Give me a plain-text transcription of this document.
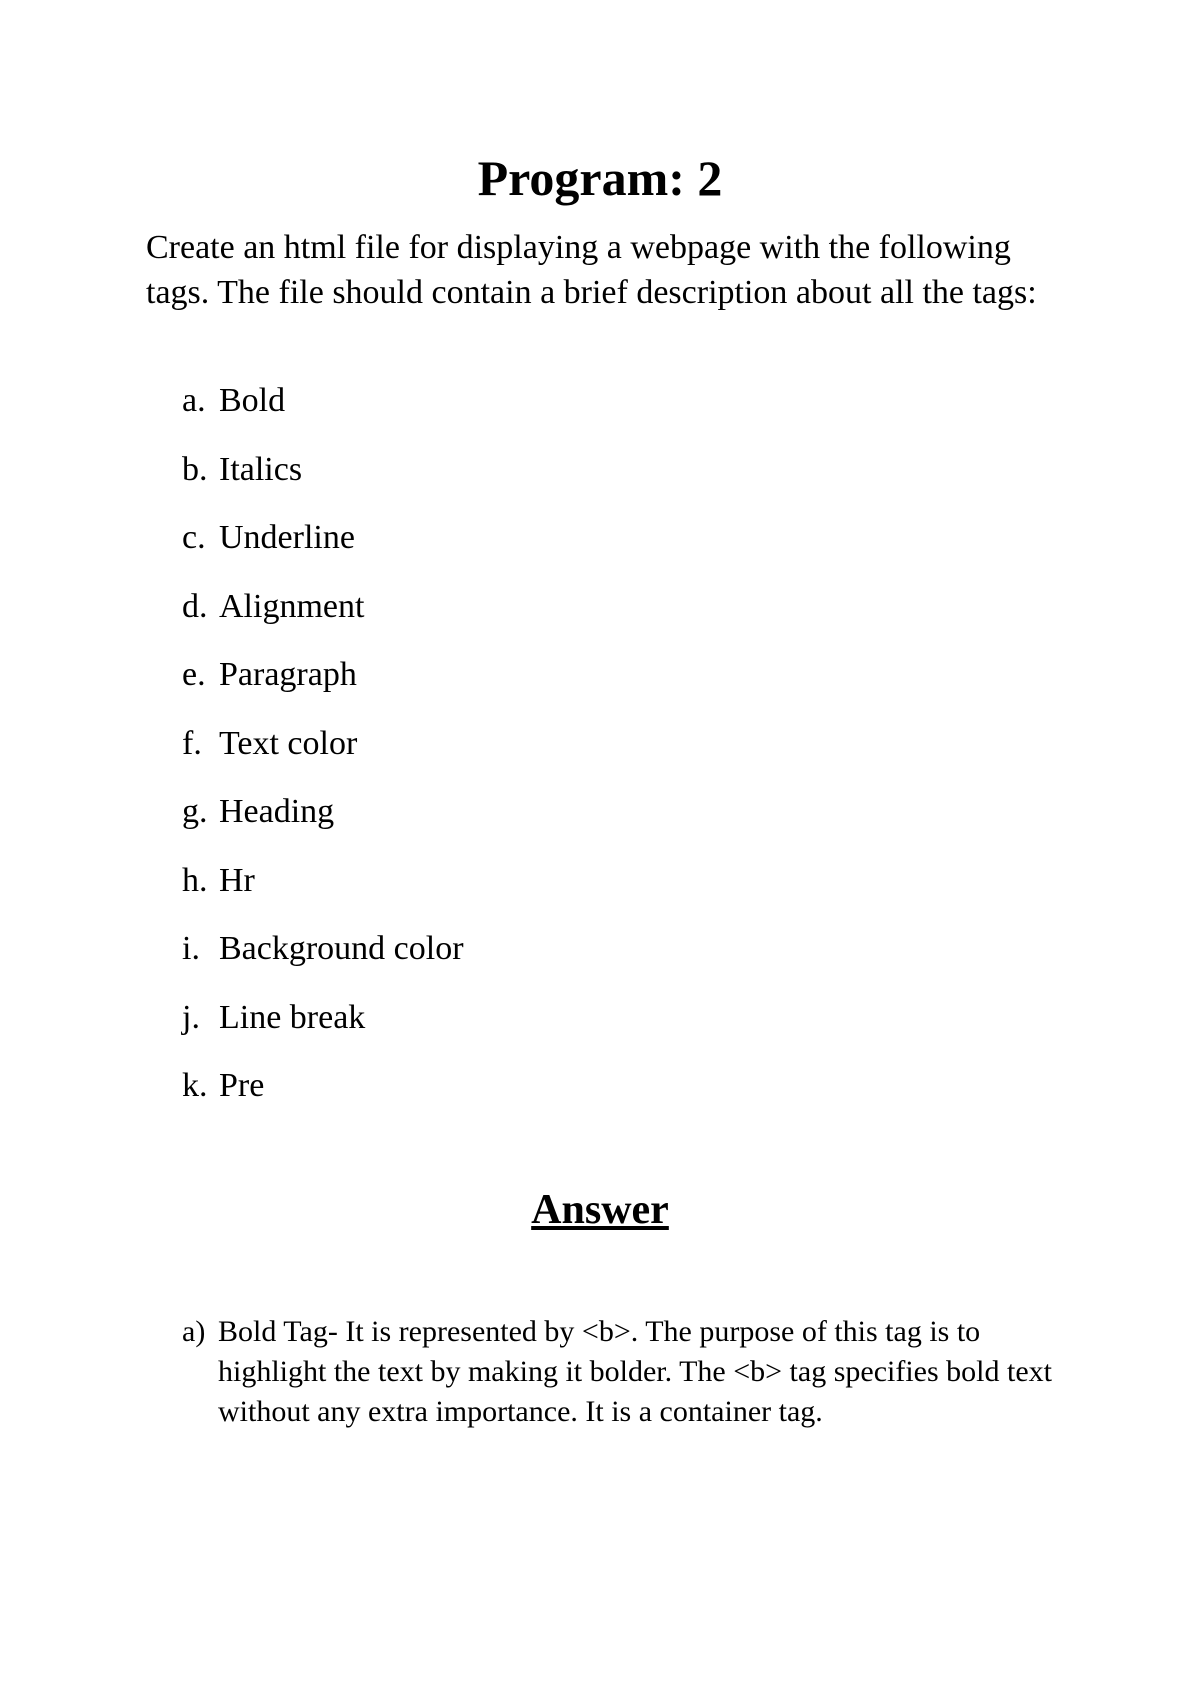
Program: 2
Create an html file for displaying a webpage with the following tags. The file should contain a brief description about all the tags:
a. Bold
b. Italics
c. Underline
d. Alignment
e. Paragraph
f. Text color
g. Heading
h. Hr
i. Background color
j. Line break
k. Pre
Answer
a) Bold Tag- It is represented by <b>. The purpose of this tag is to highlight the text by making it bolder. The <b> tag specifies bold text without any extra importance. It is a container tag.
